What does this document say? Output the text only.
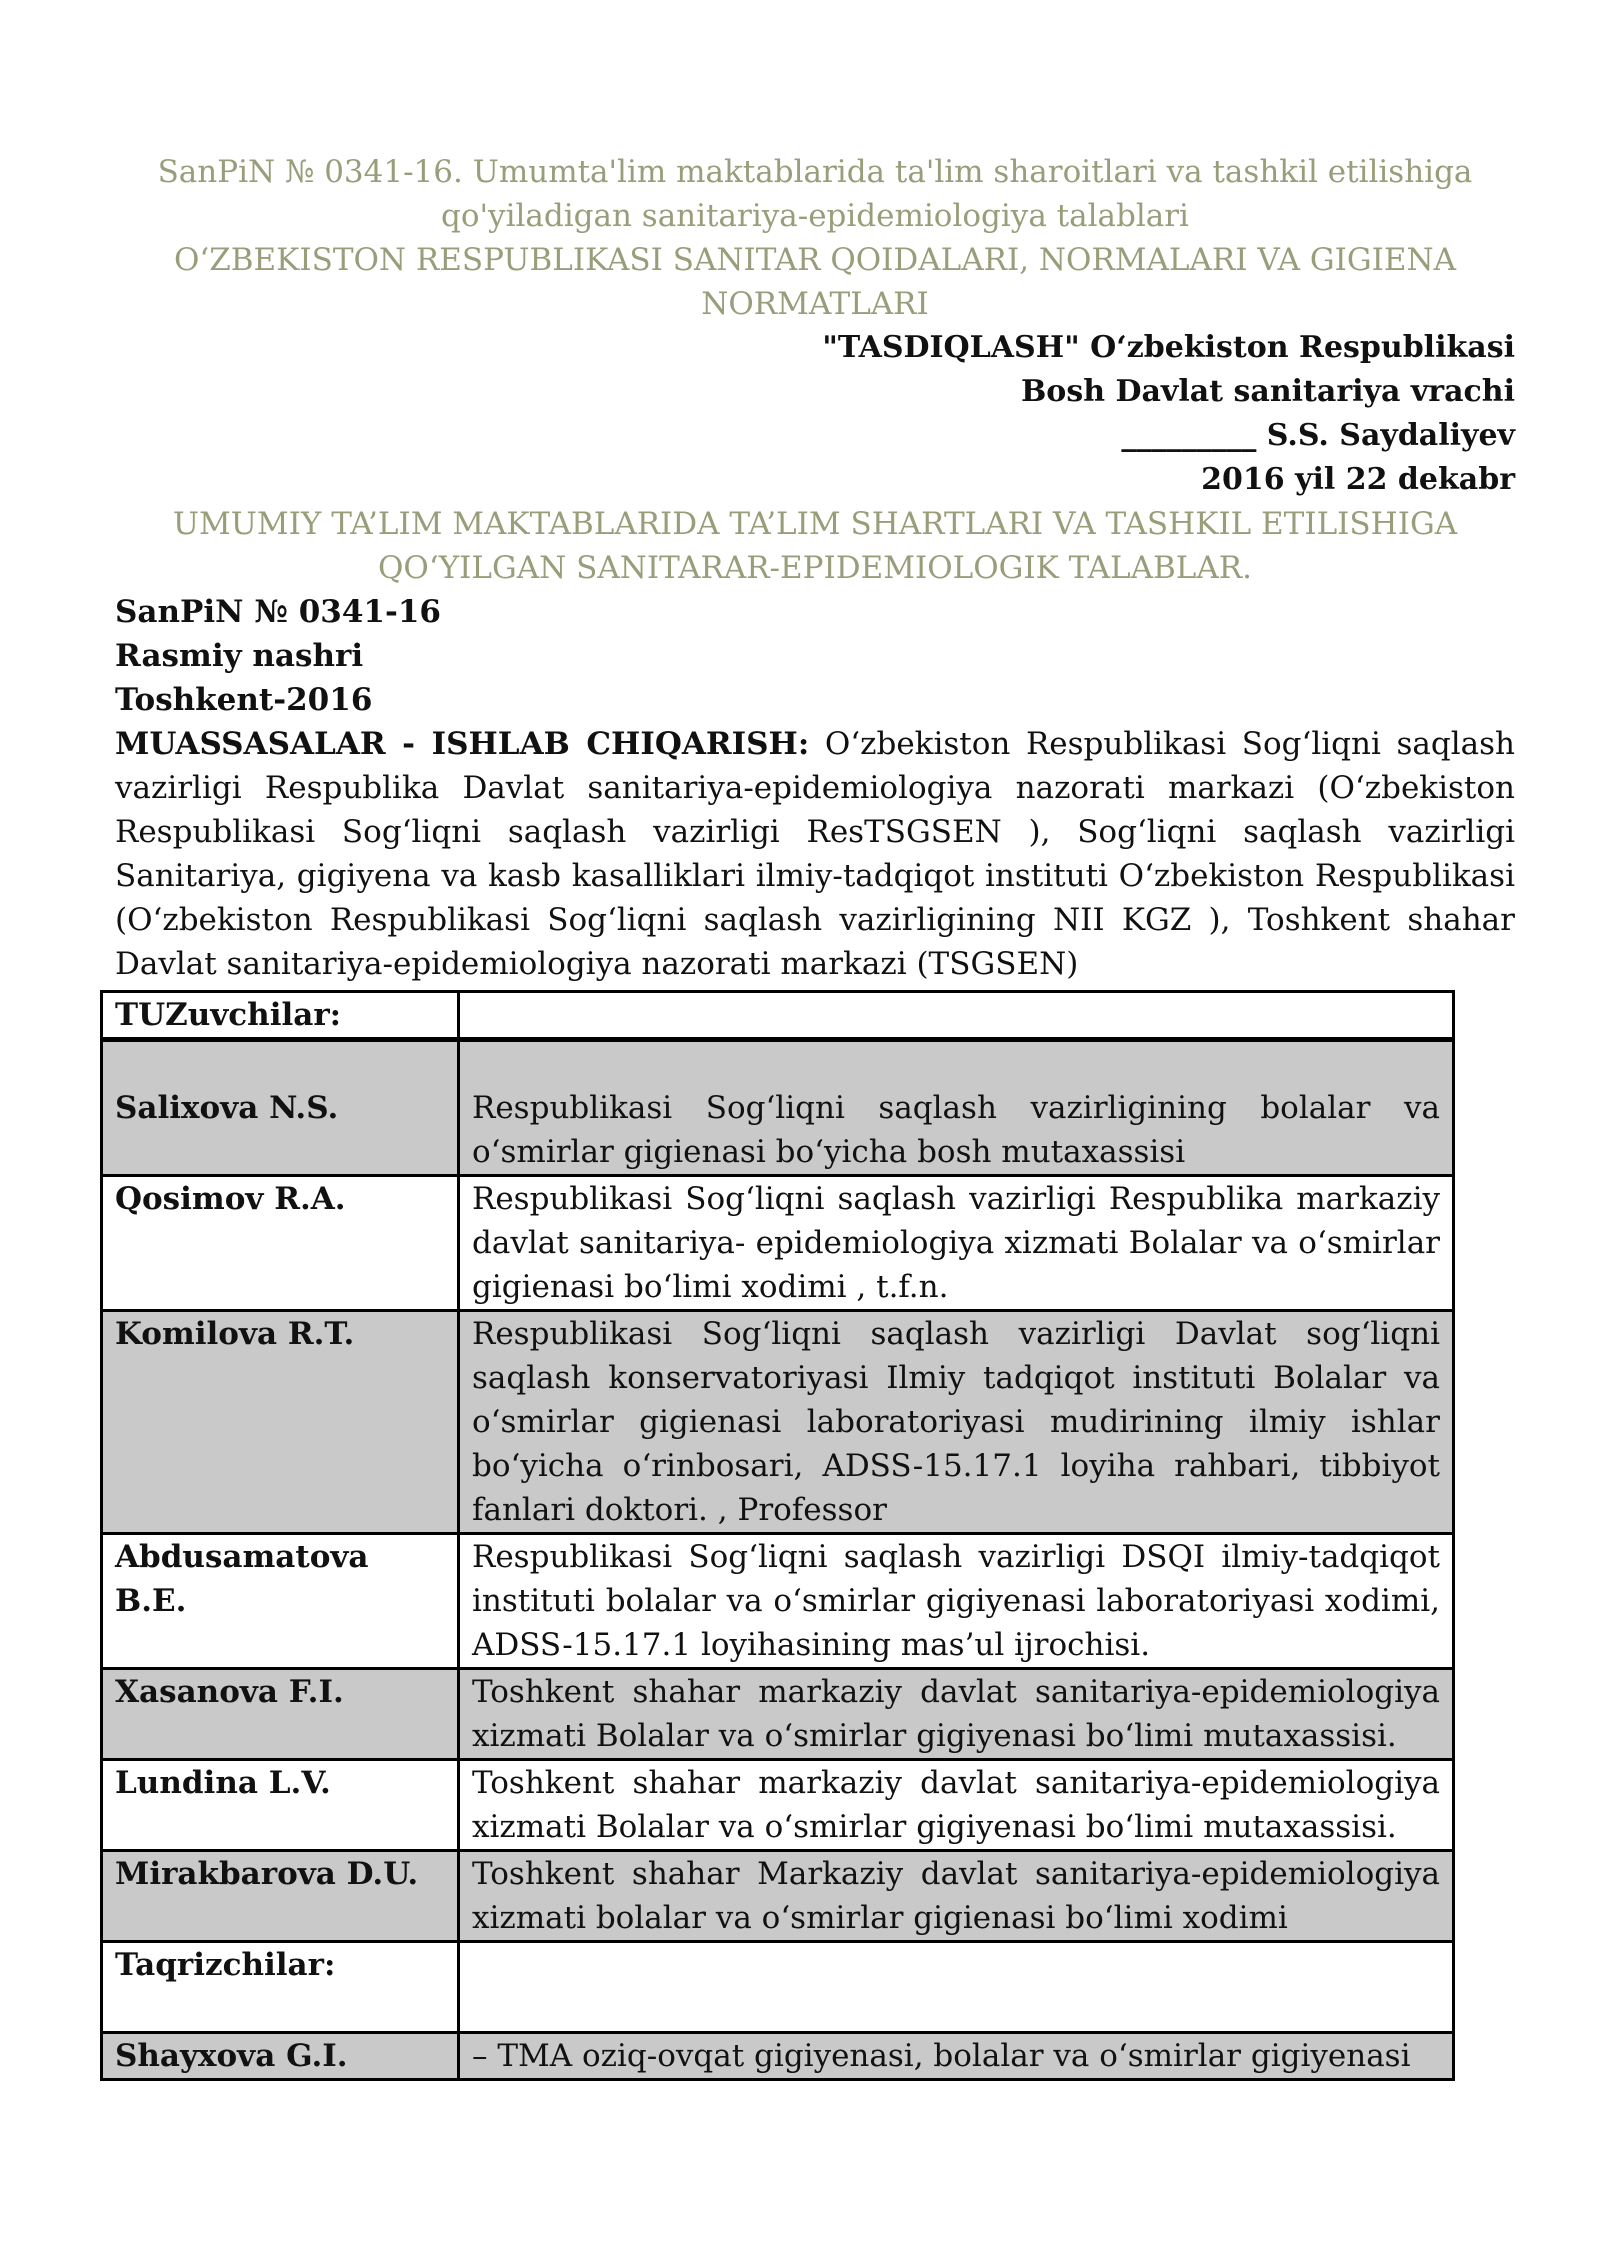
SanPiN № 0341-16. Umumta'lim maktablarida ta'lim sharoitlari va tashkil etilishiga
qo'yiladigan sanitariya-epidemiologiya talablari
O‘ZBEKISTON RESPUBLIKASI SANITAR QOIDALARI, NORMALARI VA GIGIENA
NORMATLARI
"TASDIQLASH" O‘zbekiston Respublikasi
Bosh Davlat sanitariya vrachi
_________ S.S. Saydaliyev
2016 yil 22 dekabr
UMUMIY TA’LIM MAKTABLARIDA TA’LIM SHARTLARI VA TASHKIL ETILISHIGA
QO‘YILGAN SANITARAR-EPIDEMIOLOGIK TALABLAR.
SanPiN № 0341-16
Rasmiy nashri
Toshkent-2016
MUASSASALAR - ISHLAB CHIQARISH: O‘zbekiston Respublikasi Sog‘liqni saqlash vazirligi Respublika Davlat sanitariya-epidemiologiya nazorati markazi (O‘zbekiston Respublikasi Sog‘liqni saqlash vazirligi ResTSGSEN ), Sog‘liqni saqlash vazirligi Sanitariya, gigiyena va kasb kasalliklari ilmiy-tadqiqot instituti O‘zbekiston Respublikasi (O‘zbekiston Respublikasi Sog‘liqni saqlash vazirligining NII KGZ ), Toshkent shahar Davlat sanitariya-epidemiologiya nazorati markazi (TSGSEN)
TUZuvchilar:	
Salixova N.S.	Respublikasi Sog‘liqni saqlash vazirligining bolalar va o‘smirlar gigienasi bo‘yicha bosh mutaxassisi
Qosimov R.A.	Respublikasi Sog‘liqni saqlash vazirligi Respublika markaziy davlat sanitariya- epidemiologiya xizmati Bolalar va o‘smirlar gigienasi bo‘limi xodimi , t.f.n.
Komilova R.T.	Respublikasi Sog‘liqni saqlash vazirligi Davlat sog‘liqni saqlash konservatoriyasi Ilmiy tadqiqot instituti Bolalar va o‘smirlar gigienasi laboratoriyasi mudirining ilmiy ishlar bo‘yicha o‘rinbosari, ADSS-15.17.1 loyiha rahbari, tibbiyot fanlari doktori. , Professor
Abdusamatova B.E.	Respublikasi Sog‘liqni saqlash vazirligi DSQI ilmiy-tadqiqot instituti bolalar va o‘smirlar gigiyenasi laboratoriyasi xodimi, ADSS-15.17.1 loyihasining mas’ul ijrochisi.
Xasanova F.I.	Toshkent shahar markaziy davlat sanitariya-epidemiologiya xizmati Bolalar va o‘smirlar gigiyenasi bo‘limi mutaxassisi.
Lundina L.V.	Toshkent shahar markaziy davlat sanitariya-epidemiologiya xizmati Bolalar va o‘smirlar gigiyenasi bo‘limi mutaxassisi.
Mirakbarova D.U.	Toshkent shahar Markaziy davlat sanitariya-epidemiologiya xizmati bolalar va o‘smirlar gigienasi bo‘limi xodimi
Taqrizchilar:	
Shayxova G.I.	– TMA oziq-ovqat gigiyenasi, bolalar va o‘smirlar gigiyenasi
